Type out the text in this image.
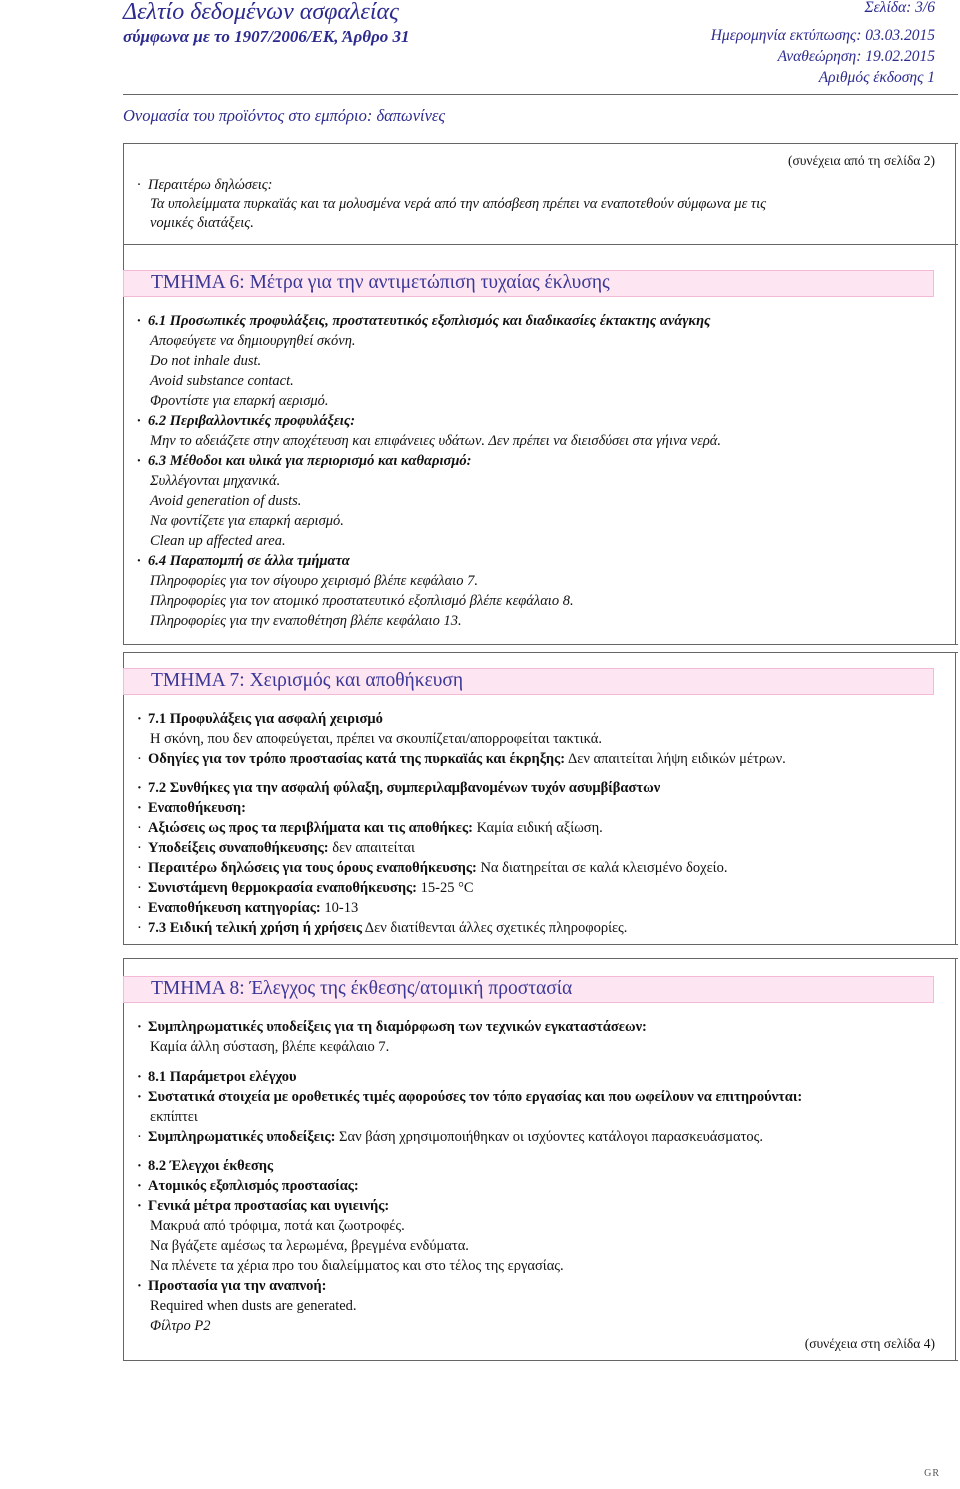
Δελτίο δεδομένων ασφαλείας
σύμφωνα με το 1907/2006/ΕΚ, Άρθρο 31
Σελίδα: 3/6
Ημερομηνία εκτύπωσης: 03.03.2015
Αναθεώρηση: 19.02.2015
Αριθμός έκδοσης 1
Ονομασία του προϊόντος στο εμπόριο: δαπωνίνες
(συνέχεια από τη σελίδα 2)
· Περαιτέρω δηλώσεις:
Τα υπολείμματα πυρκαϊάς και τα μολυσμένα νερά από την απόσβεση πρέπει να εναποτεθούν σύμφωνα με τις
νομικές διατάξεις.
ΤΜΗΜΑ 6: Μέτρα για την αντιμετώπιση τυχαίας έκλυσης
· 6.1 Προσωπικές προφυλάξεις, προστατευτικός εξοπλισμός και διαδικασίες έκτακτης ανάγκης
Αποφεύγετε να δημιουργηθεί σκόνη.
Do not inhale dust.
Avoid substance contact.
Φροντίστε για επαρκή αερισμό.
· 6.2 Περιβαλλοντικές προφυλάξεις:
Μην το αδειάζετε στην αποχέτευση και επιφάνειες υδάτων. Δεν πρέπει να διεισδύσει στα γήινα νερά.
· 6.3 Μέθοδοι και υλικά για περιορισμό και καθαρισμό:
Συλλέγονται μηχανικά.
Avoid generation of dusts.
Να φοντίζετε για επαρκή αερισμό.
Clean up affected area.
· 6.4 Παραπομπή σε άλλα τμήματα
Πληροφορίες για τον σίγουρο χειρισμό βλέπε κεφάλαιο 7.
Πληροφορίες για τον ατομικό προστατευτικό εξοπλισμό βλέπε κεφάλαιο 8.
Πληροφορίες για την εναποθέτηση βλέπε κεφάλαιο 13.
ΤΜΗΜΑ 7: Χειρισμός και αποθήκευση
· 7.1 Προφυλάξεις για ασφαλή χειρισμό
Η σκόνη, που δεν αποφεύγεται, πρέπει να σκουπίζεται/απορροφείται τακτικά.
· Οδηγίες για τον τρόπο προστασίας κατά της πυρκαϊάς και έκρηξης: Δεν απαιτείται λήψη ειδικών μέτρων.
· 7.2 Συνθήκες για την ασφαλή φύλαξη, συμπεριλαμβανομένων τυχόν ασυμβίβαστων
· Εναποθήκευση:
· Αξιώσεις ως προς τα περιβλήματα και τις αποθήκες: Καμία ειδική αξίωση.
· Υποδείξεις συναποθήκευσης: δεν απαιτείται
· Περαιτέρω δηλώσεις για τους όρους εναποθήκευσης: Να διατηρείται σε καλά κλεισμένο δοχείο.
· Συνιστάμενη θερμοκρασία εναποθήκευσης: 15-25 °C
· Εναποθήκευση κατηγορίας: 10-13
· 7.3 Ειδική τελική χρήση ή χρήσεις Δεν διατίθενται άλλες σχετικές πληροφορίες.
ΤΜΗΜΑ 8: Έλεγχος της έκθεσης/ατομική προστασία
· Συμπληρωματικές υποδείξεις για τη διαμόρφωση των τεχνικών εγκαταστάσεων:
Καμία άλλη σύσταση, βλέπε κεφάλαιο 7.
· 8.1 Παράμετροι ελέγχου
· Συστατικά στοιχεία με οροθετικές τιμές αφορούσες τον τόπο εργασίας και που ωφείλουν να επιτηρούνται:
εκπίπτει
· Συμπληρωματικές υποδείξεις: Σαν βάση χρησιμοποιήθηκαν οι ισχύοντες κατάλογοι παρασκευάσματος.
· 8.2 Έλεγχοι έκθεσης
· Ατομικός εξοπλισμός προστασίας:
· Γενικά μέτρα προστασίας και υγιεινής:
Μακρυά από τρόφιμα, ποτά και ζωοτροφές.
Να βγάζετε αμέσως τα λερωμένα, βρεγμένα ενδύματα.
Να πλένετε τα χέρια προ του διαλείμματος και στο τέλος της εργασίας.
· Προστασία για την αναπνοή:
Required when dusts are generated.
Φίλτρο P2
(συνέχεια στη σελίδα 4)
GR
